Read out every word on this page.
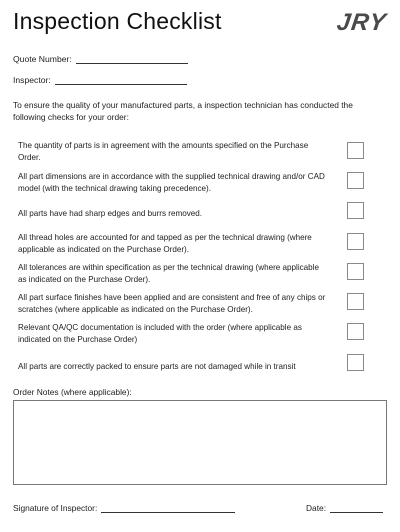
Inspection Checklist	JRY
Quote Number:
Inspector:
To ensure the quality of your manufactured parts, a inspection technician has conducted the following checks for your order:
The quantity of parts is in agreement with the amounts specified on the Purchase Order.
All part dimensions are in accordance with the supplied technical drawing and/or CAD model (with the technical drawing taking precedence).
All parts have had sharp edges and burrs removed.
All thread holes are accounted for and tapped as per the technical drawing (where applicable as indicated on the Purchase Order).
All tolerances are within specification as per the technical drawing (where applicable as indicated on the Purchase Order).
All part surface finishes have been applied and are consistent and free of any chips or scratches (where applicable as indicated on the Purchase Order).
Relevant QA/QC documentation is included with the order (where applicable as indicated on the Purchase Order)
All parts are correctly packed to ensure parts are not damaged while in transit
Order Notes (where applicable):
Signature of Inspector:	Date:
